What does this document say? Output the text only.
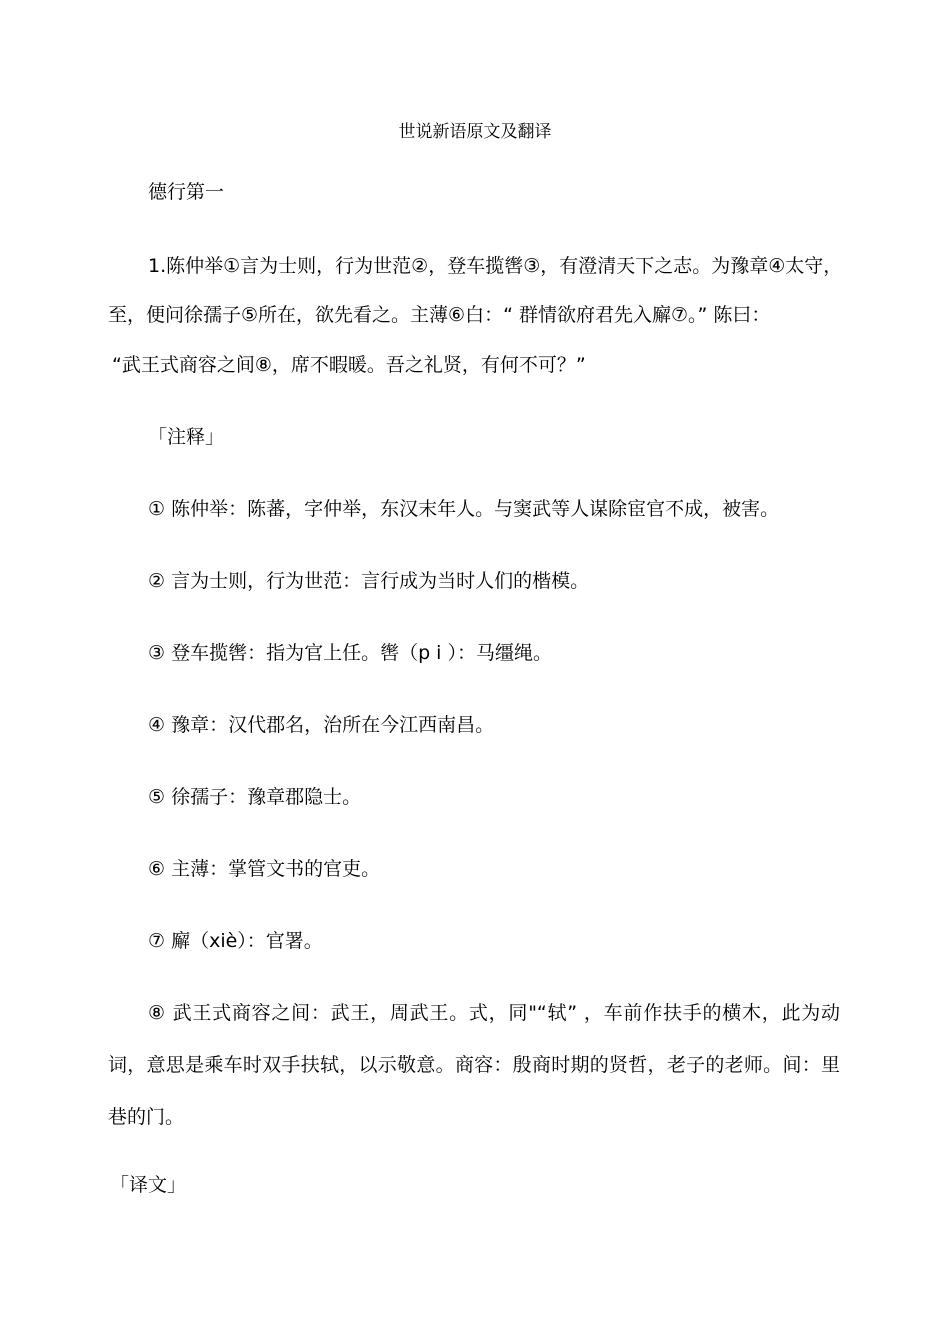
世说新语原文及翻译
德行第一
1.陈仲举①言为士则，行为世范②，登车揽辔③，有澄清天下之志。为豫章④太守，
至，便问徐孺子⑤所在，欲先看之。主薄⑥白：“ 群情欲府君先入廨⑦。” 陈曰：
“武王式商容之间⑧，席不暇暖。吾之礼贤，有何不可？”
「注释」
① 陈仲举：陈蕃，字仲举，东汉末年人。与窦武等人谋除宦官不成，被害。
② 言为士则，行为世范：言行成为当时人们的楷模。
③ 登车揽辔：指为官上任。辔（p i ）：马缰绳。
④ 豫章：汉代郡名，治所在今江西南昌。
⑤ 徐孺子：豫章郡隐士。
⑥ 主薄：掌管文书的官吏。
⑦ 廨（xiè）：官署。
⑧ 武王式商容之间：武王，周武王。式，同"“轼” ，车前作扶手的横木，此为动词，意思是乘车时双手扶轼，以示敬意。商容：殷商时期的贤哲，老子的老师。间：里巷的门。
「译文」
